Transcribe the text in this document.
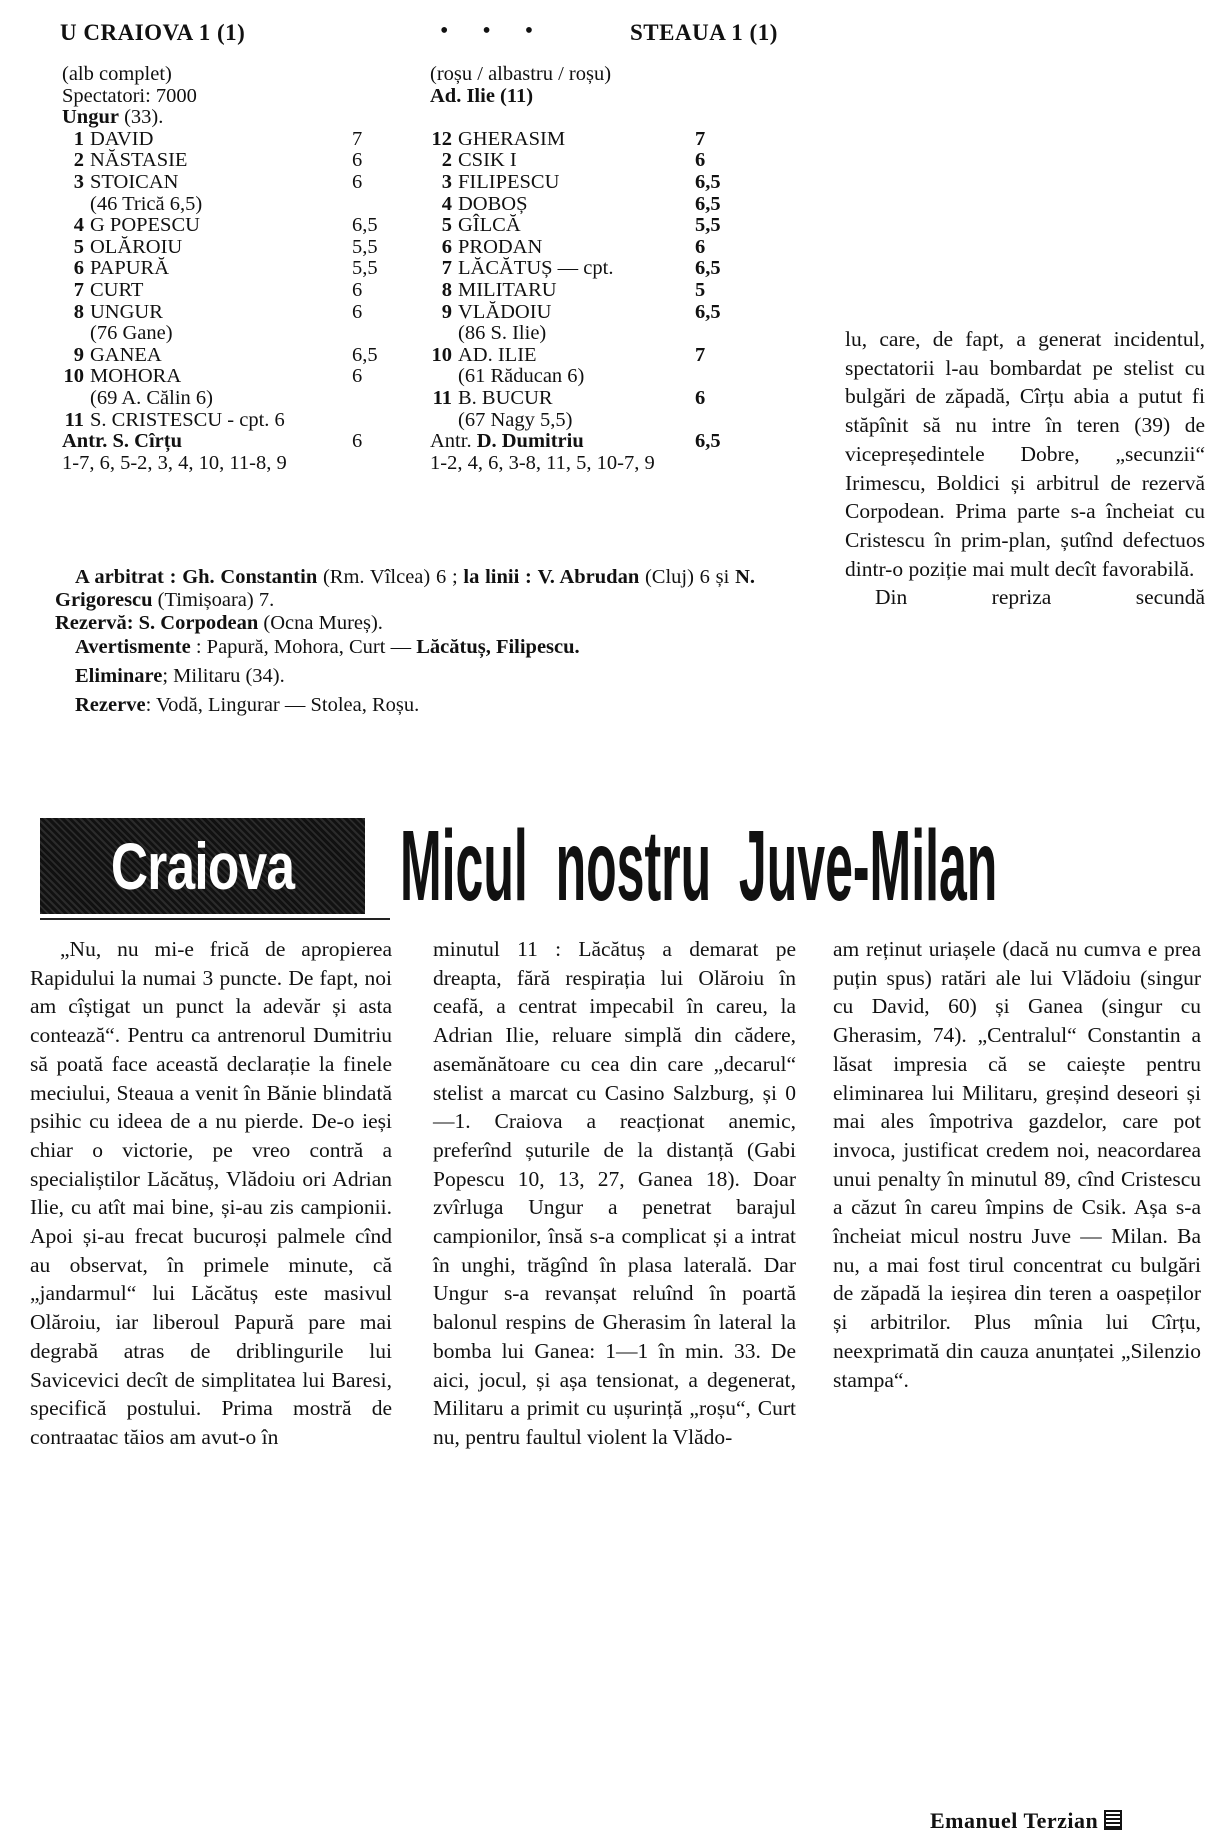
U CRAIOVA 1 (1)	• • •	STEAUA 1 (1)
(alb complet)
Spectatori: 7000
Ungur (33).
1 DAVID	7
2 NĂSTASIE	6
3 STOICAN	6
(46 Trică 6,5)
4 G POPESCU	6,5
5 OLĂROIU	5,5
6 PAPURĂ	5,5
7 CURT	6
8 UNGUR	6
(76 Gane)
9 GANEA	6,5
10 MOHORA	6
(69 A. Călin 6)
11 S. CRISTESCU - cpt. 6
Antr. S. Cîrțu	6
1-7, 6, 5-2, 3, 4, 10, 11-8, 9
(roșu / albastru / roșu)
Ad. Ilie (11)
12 GHERASIM	7
2 CSIK I	6
3 FILIPESCU	6,5
4 DOBOȘ	6,5
5 GÎLCĂ	5,5
6 PRODAN	6
7 LĂCĂTUȘ — cpt.	6,5
8 MILITARU	5
9 VLĂDOIU	6,5
(86 S. Ilie)
10 AD. ILIE	7
(61 Răducan 6)
11 B. BUCUR	6
(67 Nagy 5,5)
Antr. D. Dumitriu	6,5
1-2, 4, 6, 3-8, 11, 5, 10-7, 9

A arbitrat : Gh. Constantin (Rm. Vîlcea) 6 ; la linii : V. Abrudan (Cluj) 6 și N. Grigorescu (Timișoara) 7.

Rezervă: S. Corpodean (Ocna Mureș).

Avertismente : Papură, Mohora, Curt — Lăcătuș, Filipescu.

Eliminare; Militaru (34).

Rezerve: Vodă, Lingurar — Stolea, Roșu.

lu, care, de fapt, a generat incidentul, spectatorii l-au bombardat pe stelist cu bulgări de zăpadă, Cîrțu abia a putut fi stăpînit să nu intre în teren (39) de vicepreședintele Dobre, „secunzii“ Irimescu, Boldici și arbitrul de rezervă Corpodean. Prima parte s-a încheiat cu Cristescu în prim-plan, șutînd defectuos dintr-o poziție mai mult decît favorabilă.

Din repriza secundă

Craiova Micul nostru Juve-Milan

„Nu, nu mi-e frică de apropierea Rapidului la numai 3 puncte. De fapt, noi am cîștigat un punct la adevăr și asta contează“. Pentru ca antrenorul Dumitriu să poată face această declarație la finele meciului, Steaua a venit în Bănie blindată psihic cu ideea de a nu pierde. De-o ieși chiar o victorie, pe vreo contră a specialiștilor Lăcătuș, Vlădoiu ori Adrian Ilie, cu atît mai bine, și-au zis campionii. Apoi și-au frecat bucuroși palmele cînd au observat, în primele minute, că „jandarmul“ lui Lăcătuș este masivul Olăroiu, iar liberoul Papură pare mai degrabă atras de driblingurile lui Savicevici decît de simplitatea lui Baresi, specifică postului. Prima mostră de contraatac tăios am avut-o în

minutul 11 : Lăcătuș a demarat pe dreapta, fără respirația lui Olăroiu în ceafă, a centrat impecabil în careu, la Adrian Ilie, reluare simplă din cădere, asemănătoare cu cea din care „decarul“ stelist a marcat cu Casino Salzburg, și 0—1. Craiova a reacționat anemic, preferînd șuturile de la distanță (Gabi Popescu 10, 13, 27, Ganea 18). Doar zvîrluga Ungur a penetrat barajul campionilor, însă s-a complicat și a intrat în unghi, trăgînd în plasa laterală. Dar Ungur s-a revanșat reluînd în poartă balonul respins de Gherasim în lateral la bomba lui Ganea: 1—1 în min. 33. De aici, jocul, și așa tensionat, a degenerat, Militaru a primit cu ușurință „roșu“, Curt nu, pentru faultul violent la Vlădo-

am reținut uriașele (dacă nu cumva e prea puțin spus) ratări ale lui Vlădoiu (singur cu David, 60) și Ganea (singur cu Gherasim, 74). „Centralul“ Constantin a lăsat impresia că se caiește pentru eliminarea lui Militaru, greșind deseori și mai ales împotriva gazdelor, care pot invoca, justificat credem noi, neacordarea unui penalty în minutul 89, cînd Cristescu a căzut în careu împins de Csik. Așa s-a încheiat micul nostru Juve — Milan. Ba nu, a mai fost tirul concentrat cu bulgări de zăpadă la ieșirea din teren a oaspeților și arbitrilor. Plus mînia lui Cîrțu, neexprimată din cauza anunțatei „Silenzio stampa“.

Emanuel Terzian
